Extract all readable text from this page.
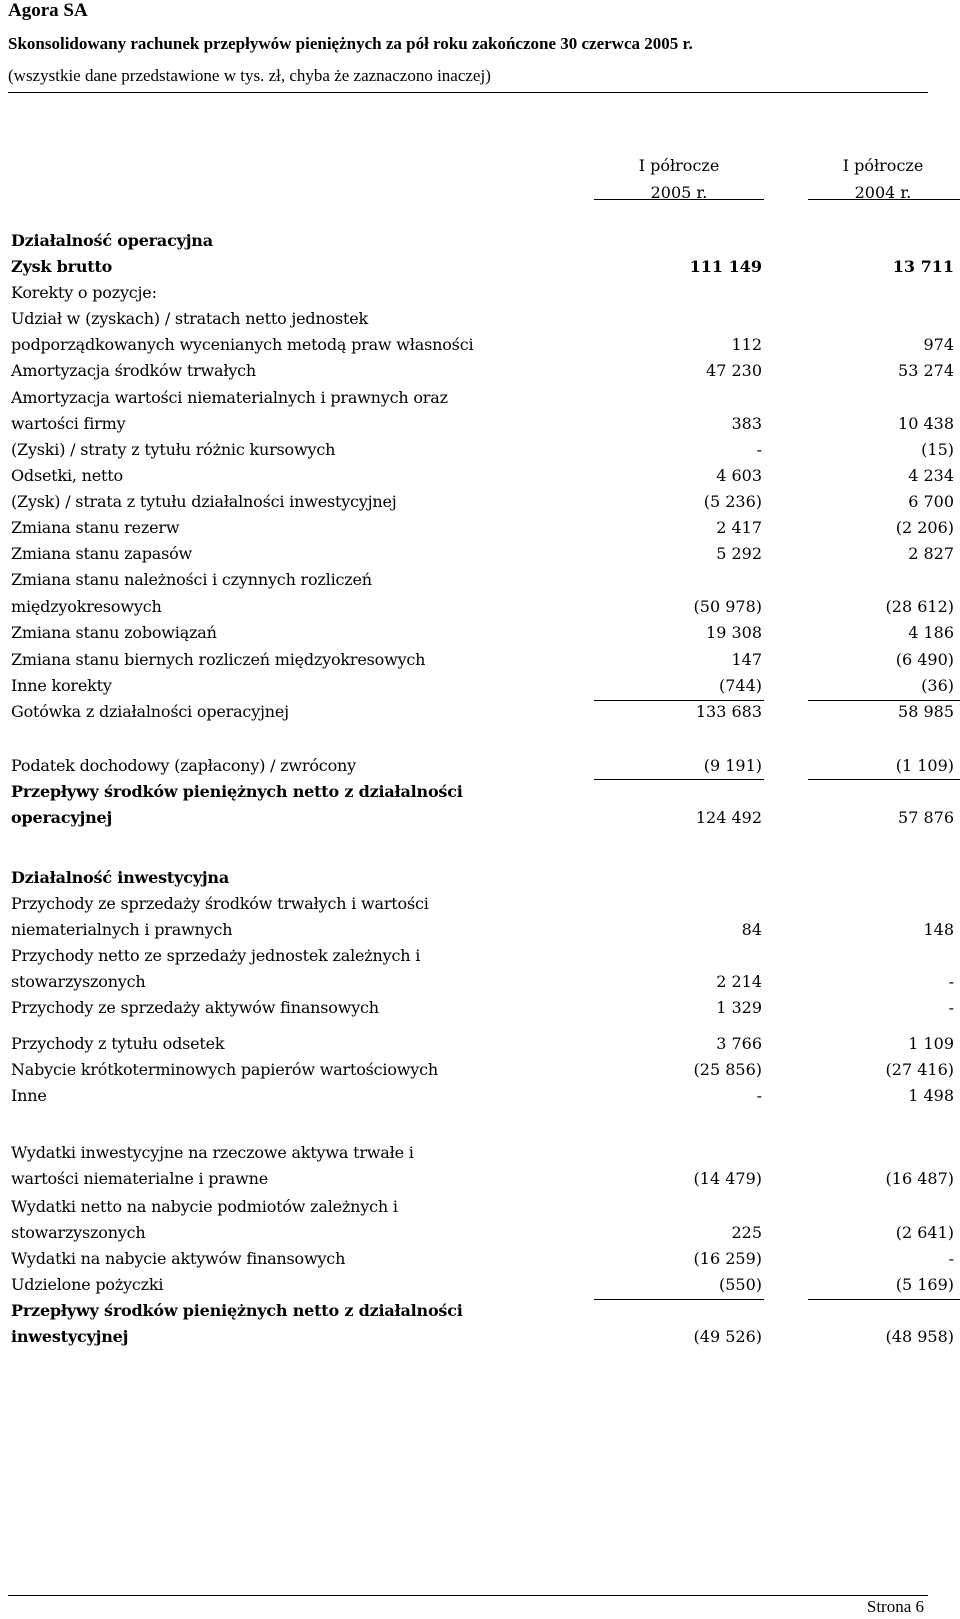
Agora SA
Skonsolidowany rachunek przepływów pieniężnych za pół roku zakończone 30 czerwca 2005 r.
(wszystkie dane przedstawione w tys. zł, chyba że zaznaczono inaczej)
I półrocze
2005 r.
I półrocze
2004 r.
Działalność operacyjna
Zysk brutto	111 149	13 711
Korekty o pozycje:
Udział w (zyskach) / stratach netto jednostek
podporządkowanych wycenianych metodą praw własności	112	974
Amortyzacja środków trwałych	47 230	53 274
Amortyzacja wartości niematerialnych i prawnych oraz
wartości firmy	383	10 438
(Zyski) / straty z tytułu różnic kursowych	-	(15)
Odsetki, netto	4 603	4 234
(Zysk) / strata z tytułu działalności inwestycyjnej	(5 236)	6 700
Zmiana stanu rezerw	2 417	(2 206)
Zmiana stanu zapasów	5 292	2 827
Zmiana stanu należności i czynnych rozliczeń
międzyokresowych	(50 978)	(28 612)
Zmiana stanu zobowiązań	19 308	4 186
Zmiana stanu biernych rozliczeń międzyokresowych	147	(6 490)
Inne korekty	(744)	(36)
Gotówka z działalności operacyjnej	133 683	58 985
Podatek dochodowy (zapłacony) / zwrócony	(9 191)	(1 109)
Przepływy środków pieniężnych netto z działalności
operacyjnej	124 492	57 876
Działalność inwestycyjna
Przychody ze sprzedaży środków trwałych i wartości
niematerialnych i prawnych	84	148
Przychody netto ze sprzedaży jednostek zależnych i
stowarzyszonych	2 214	-
Przychody ze sprzedaży aktywów finansowych	1 329	-
Przychody z tytułu odsetek	3 766	1 109
Nabycie krótkoterminowych papierów wartościowych	(25 856)	(27 416)
Inne	-	1 498
Wydatki inwestycyjne na rzeczowe aktywa trwałe i
wartości niematerialne i prawne	(14 479)	(16 487)
Wydatki netto na nabycie podmiotów zależnych i
stowarzyszonych	225	(2 641)
Wydatki na nabycie aktywów finansowych	(16 259)	-
Udzielone pożyczki	(550)	(5 169)
Przepływy środków pieniężnych netto z działalności
inwestycyjnej	(49 526)	(48 958)
Strona 6
